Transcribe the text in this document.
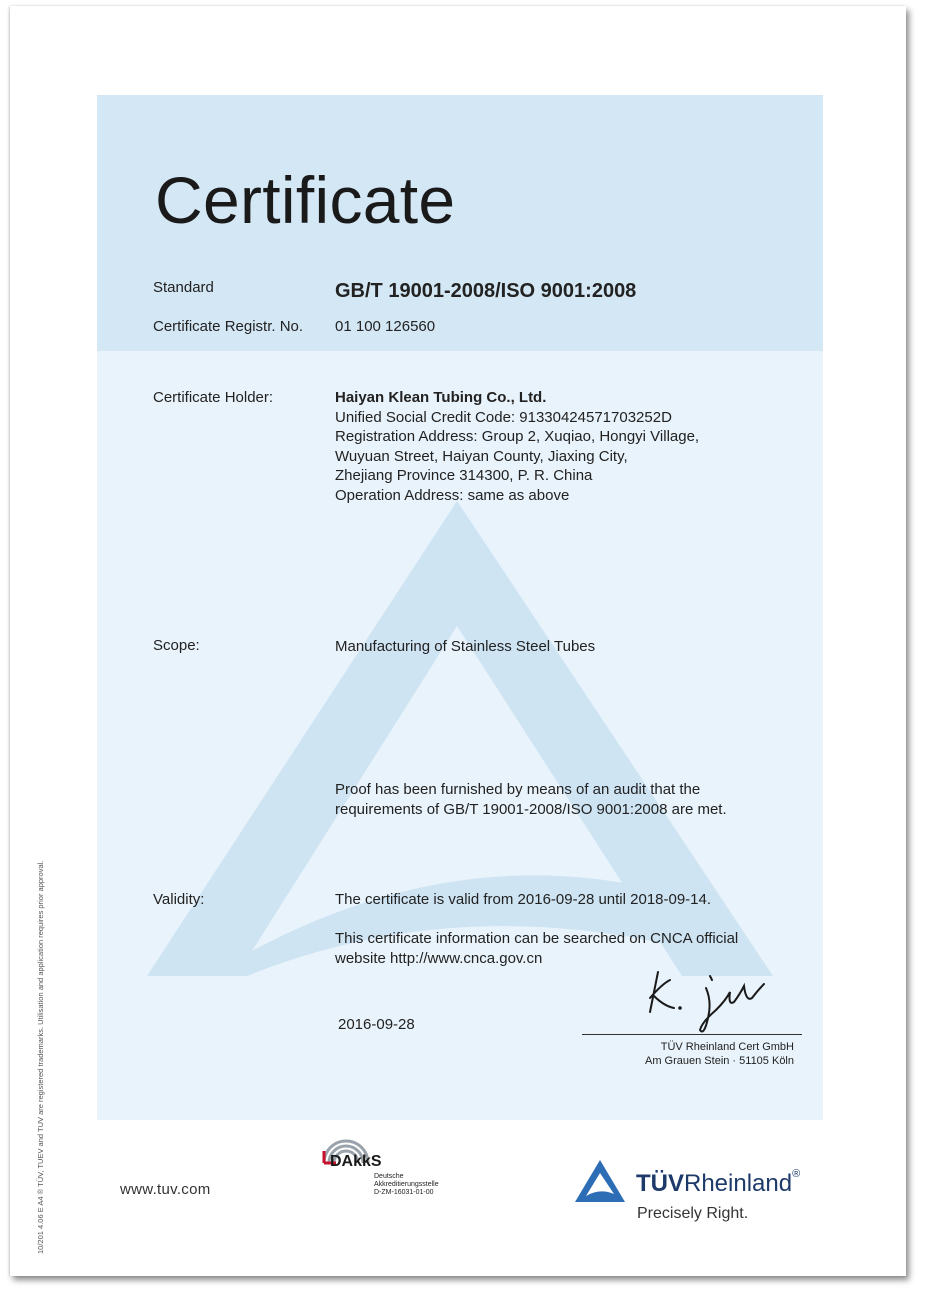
Certificate
Standard	GB/T 19001-2008/ISO 9001:2008
Certificate Registr. No. 01 100 126560
Certificate Holder:	Haiyan Klean Tubing Co., Ltd.
Unified Social Credit Code: 91330424571703252D
Registration Address: Group 2, Xuqiao, Hongyi Village,
Wuyuan Street, Haiyan County, Jiaxing City,
Zhejiang Province 314300, P. R. China
Operation Address: same as above
Scope:	Manufacturing of Stainless Steel Tubes
Proof has been furnished by means of an audit that the
requirements of GB/T 19001-2008/ISO 9001:2008 are met.
Validity:	The certificate is valid from 2016-09-28 until 2018-09-14.
This certificate information can be searched on CNCA official
website http://www.cnca.gov.cn
2016-09-28
TÜV Rheinland Cert GmbH
Am Grauen Stein · 51105 Köln
www.tuv.com
DAkkS
Deutsche
Akkreditierungsstelle
D-ZM-16031-01-00	TÜVRheinland®
Precisely Right.
10/201 4.06 E A4 ® TÜV, TUEV and TUV are registered trademarks. Utilisation and application requires prior approval.
